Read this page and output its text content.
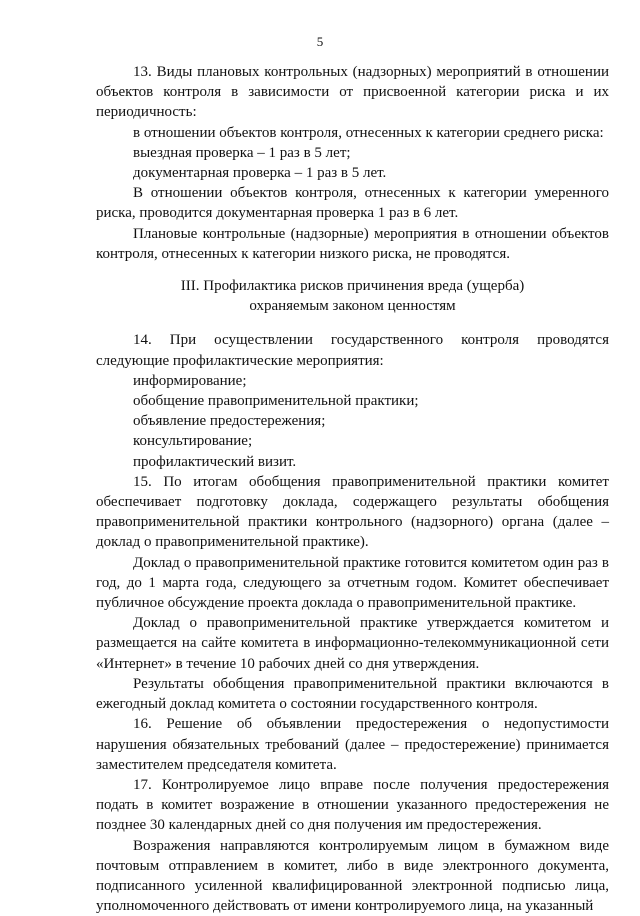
5

13. Виды плановых контрольных (надзорных) мероприятий в отношении объектов контроля в зависимости от присвоенной категории риска и их периодичность:

в отношении объектов контроля, отнесенных к категории среднего риска:

выездная проверка – 1 раз в 5 лет;

документарная проверка – 1 раз в 5 лет.

В отношении объектов контроля, отнесенных к категории умеренного риска, проводится документарная проверка 1 раз в 6 лет.

Плановые контрольные (надзорные) мероприятия в отношении объектов контроля, отнесенных к категории низкого риска, не проводятся.

III. Профилактика рисков причинения вреда (ущерба)
охраняемым законом ценностям

14. При осуществлении государственного контроля проводятся следующие профилактические мероприятия:

информирование;

обобщение правоприменительной практики;

объявление предостережения;

консультирование;

профилактический визит.

15. По итогам обобщения правоприменительной практики комитет обеспечивает подготовку доклада, содержащего результаты обобщения правоприменительной практики контрольного (надзорного) органа (далее – доклад о правоприменительной практике).

Доклад о правоприменительной практике готовится комитетом один раз в год, до 1 марта года, следующего за отчетным годом. Комитет обеспечивает публичное обсуждение проекта доклада о правоприменительной практике.

Доклад о правоприменительной практике утверждается комитетом и размещается на сайте комитета в информационно-телекоммуникационной сети «Интернет» в течение 10 рабочих дней со дня утверждения.

Результаты обобщения правоприменительной практики включаются в ежегодный доклад комитета о состоянии государственного контроля.

16. Решение об объявлении предостережения о недопустимости нарушения обязательных требований (далее – предостережение) принимается заместителем председателя комитета.

17. Контролируемое лицо вправе после получения предостережения подать в комитет возражение в отношении указанного предостережения не позднее 30 календарных дней со дня получения им предостережения.

Возражения направляются контролируемым лицом в бумажном виде почтовым отправлением в комитет, либо в виде электронного документа, подписанного усиленной квалифицированной электронной подписью лица, уполномоченного действовать от имени контролируемого лица, на указанный
